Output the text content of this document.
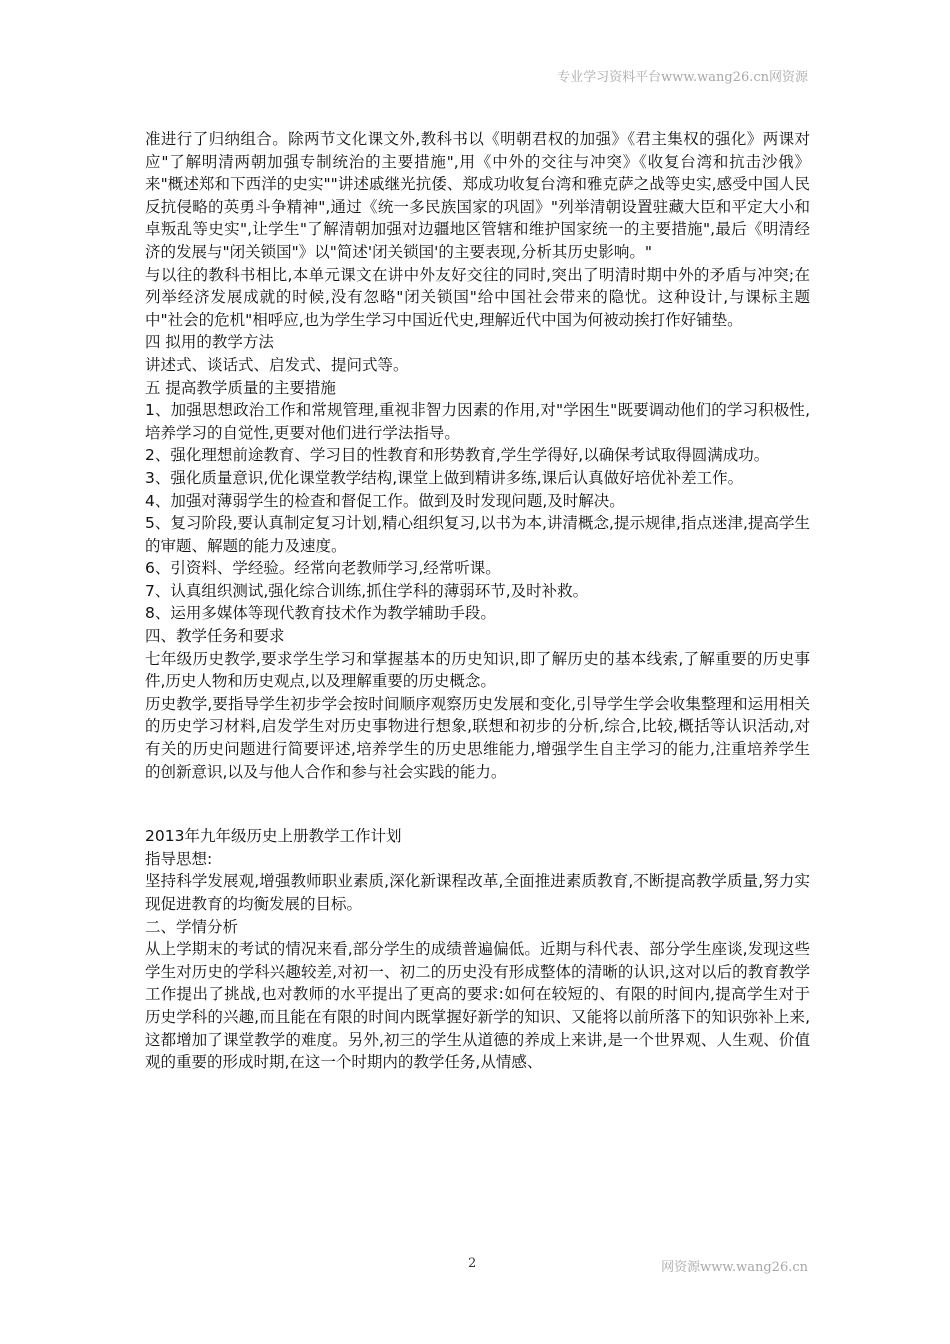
专业学习资料平台www.wang26.cn网资源

准进行了归纳组合。除两节文化课文外,教科书以《明朝君权的加强》《君主集权的强化》两课对应"了解明清两朝加强专制统治的主要措施",用《中外的交往与冲突》《收复台湾和抗击沙俄》来"概述郑和下西洋的史实""讲述戚继光抗倭、郑成功收复台湾和雅克萨之战等史实,感受中国人民反抗侵略的英勇斗争精神",通过《统一多民族国家的巩固》"列举清朝设置驻藏大臣和平定大小和卓叛乱等史实",让学生"了解清朝加强对边疆地区管辖和维护国家统一的主要措施",最后《明清经济的发展与"闭关锁国"》以"简述'闭关锁国'的主要表现,分析其历史影响。"

与以往的教科书相比,本单元课文在讲中外友好交往的同时,突出了明清时期中外的矛盾与冲突;在列举经济发展成就的时候,没有忽略"闭关锁国"给中国社会带来的隐忧。这种设计,与课标主题中"社会的危机"相呼应,也为学生学习中国近代史,理解近代中国为何被动挨打作好铺垫。

四 拟用的教学方法

讲述式、谈话式、启发式、提问式等。

五 提高教学质量的主要措施

1、加强思想政治工作和常规管理,重视非智力因素的作用,对"学困生"既要调动他们的学习积极性,培养学习的自觉性,更要对他们进行学法指导。

2、强化理想前途教育、学习目的性教育和形势教育,学生学得好,以确保考试取得圆满成功。

3、强化质量意识,优化课堂教学结构,课堂上做到精讲多练,课后认真做好培优补差工作。

4、加强对薄弱学生的检查和督促工作。做到及时发现问题,及时解决。

5、复习阶段,要认真制定复习计划,精心组织复习,以书为本,讲清概念,提示规律,指点迷津,提高学生的审题、解题的能力及速度。

6、引资料、学经验。经常向老教师学习,经常听课。

7、认真组织测试,强化综合训练,抓住学科的薄弱环节,及时补救。

8、运用多媒体等现代教育技术作为教学辅助手段。

四、教学任务和要求

七年级历史教学,要求学生学习和掌握基本的历史知识,即了解历史的基本线索,了解重要的历史事件,历史人物和历史观点,以及理解重要的历史概念。

历史教学,要指导学生初步学会按时间顺序观察历史发展和变化,引导学生学会收集整理和运用相关的历史学习材料,启发学生对历史事物进行想象,联想和初步的分析,综合,比较,概括等认识活动,对有关的历史问题进行简要评述,培养学生的历史思维能力,增强学生自主学习的能力,注重培养学生的创新意识,以及与他人合作和参与社会实践的能力。

2013年九年级历史上册教学工作计划

指导思想:

坚持科学发展观,增强教师职业素质,深化新课程改革,全面推进素质教育,不断提高教学质量,努力实现促进教育的均衡发展的目标。

二、学情分析

从上学期末的考试的情况来看,部分学生的成绩普遍偏低。近期与科代表、部分学生座谈,发现这些学生对历史的学科兴趣较差,对初一、初二的历史没有形成整体的清晰的认识,这对以后的教育教学工作提出了挑战,也对教师的水平提出了更高的要求:如何在较短的、有限的时间内,提高学生对于历史学科的兴趣,而且能在有限的时间内既掌握好新学的知识、又能将以前所落下的知识弥补上来,这都增加了课堂教学的难度。另外,初三的学生从道德的养成上来讲,是一个世界观、人生观、价值观的重要的形成时期,在这一个时期内的教学任务,从情感、

2	网资源www.wang26.cn
